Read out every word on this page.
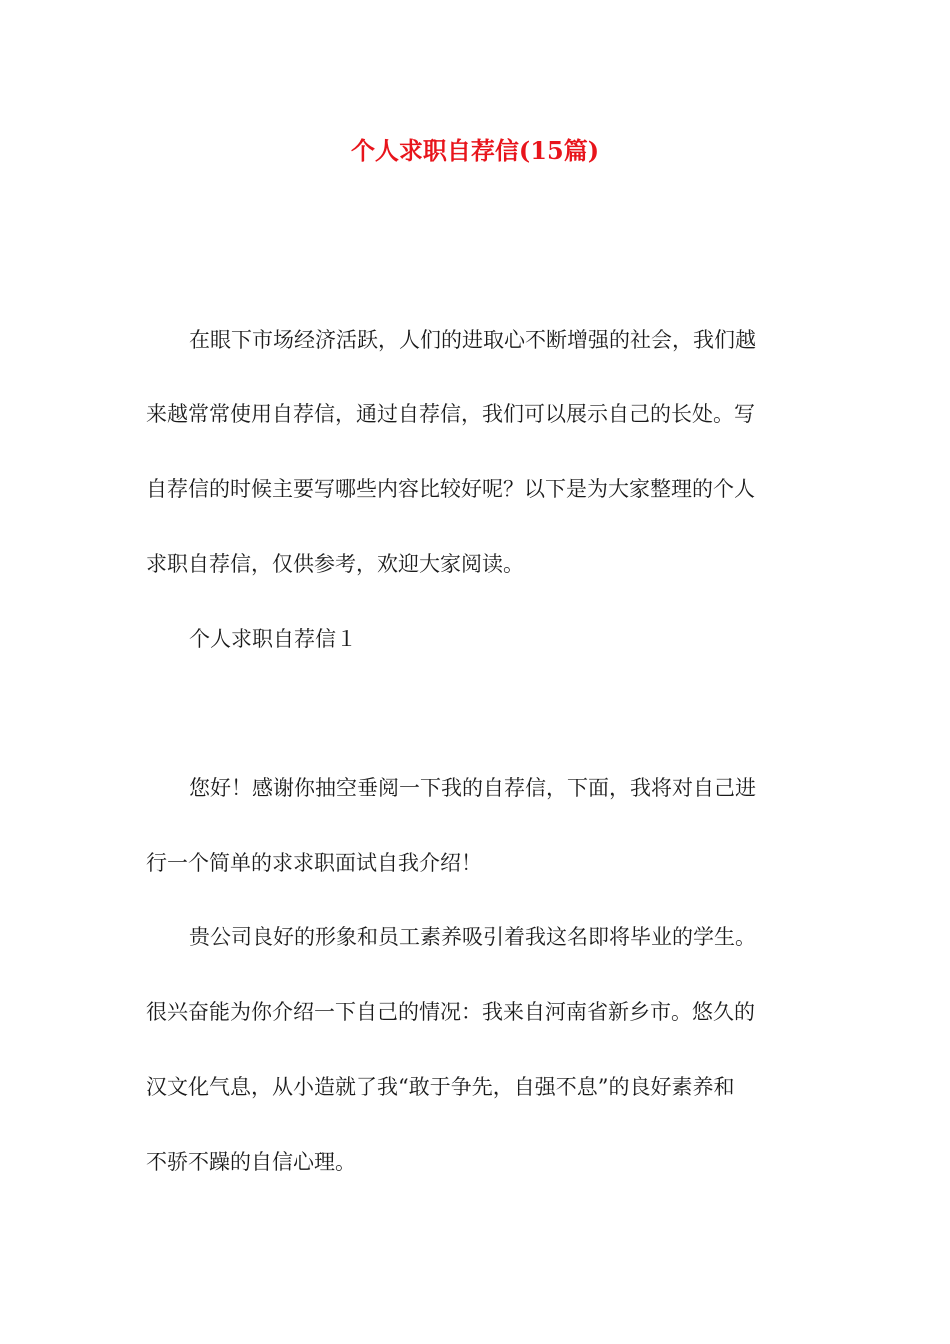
个人求职自荐信(15篇)

在眼下市场经济活跃，人们的进取心不断增强的社会，我们越

来越常常使用自荐信，通过自荐信，我们可以展示自己的长处。写

自荐信的时候主要写哪些内容比较好呢？以下是为大家整理的个人

求职自荐信，仅供参考，欢迎大家阅读。

个人求职自荐信１

您好！感谢你抽空垂阅一下我的自荐信，下面，我将对自己进

行一个简单的求求职面试自我介绍！

贵公司良好的形象和员工素养吸引着我这名即将毕业的学生。

很兴奋能为你介绍一下自己的情况：我来自河南省新乡市。悠久的

汉文化气息，从小造就了我“敢于争先，自强不息”的良好素养和

不骄不躁的自信心理。
